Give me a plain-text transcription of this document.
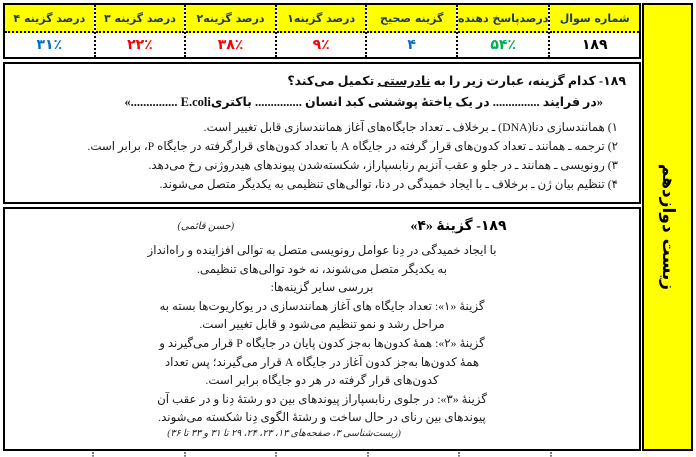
شماره سوال
۱۸۹
درصدپاسخ دهنده
۵۴٪
گزینه صحیح
۴
درصد گزینه۱
۹٪
درصد گزینه۲
۳۸٪
درصد گزینه ۳
۲۲٪
درصد گزینه ۴
۳۱٪
۱۸۹- کدام گزینه، عبارت زیر را به نادرستی تکمیل می‌کند؟
«در فرایند ............... در یک یاختهٔ پوششی کبد انسان ............... باکتریE.coli ...............»
۱) همانندسازی دنا(DNA) ـ برخلاف ـ تعداد جایگاه‌های آغاز همانندسازی قابل تغییر است.
۲) ترجمه ـ همانند ـ تعداد کدون‌های قرار گرفته در جایگاه A با تعداد کدون‌های قرارگرفته در جایگاه P، برابر است.
۳) رونویسی ـ همانند ـ در جلو و عقب آنزیم رنابسپاراز، شکسته‌شدن پیوندهای هیدروژنی رخ می‌دهد.
۴) تنظیم بیان ژن ـ برخلاف ـ با ایجاد خمیدگی در دنا، توالی‌های تنظیمی به یکدیگر متصل می‌شوند.
۱۸۹- گزینهٔ «۴»
(حسن قائمی)
با ایجاد خمیدگی در دِنا عوامل رونویسی متصل به توالی افزاینده و راه‌انداز
به یکدیگر متصل می‌شوند، نه خود توالی‌های تنظیمی.
بررسی سایر گزینه‌ها:
گزینهٔ «۱»: تعداد جایگاه های آغاز همانندسازی در یوکاریوت‌ها بسته به
مراحل رشد و نمو تنظیم می‌شود و قابل تغییر است.
گزینهٔ «۲»: همهٔ کدون‌ها به‌جز کدون پایان در جایگاه P قرار می‌گیرند و
همهٔ کدون‌ها به‌جز کدون آغاز در جایگاه A قرار می‌گیرند؛ پس تعداد
کدون‌های قرار گرفته در هر دو جایگاه برابر است.
گزینهٔ «۳»: در جلوی رنابسپاراز پیوندهای بین دو رشتهٔ دِنا و در عقب آن
پیوندهای بین رنای در حال ساخت و رشتهٔ الگوی دِنا شکسته می‌شوند.
(زیست‌شناسی ۳، صفحه‌های ۱۳، ۲۳، ۲۴، ۲۹ تا ۳۱ و ۳۳ تا ۳۶)
زیست دوازدهم
